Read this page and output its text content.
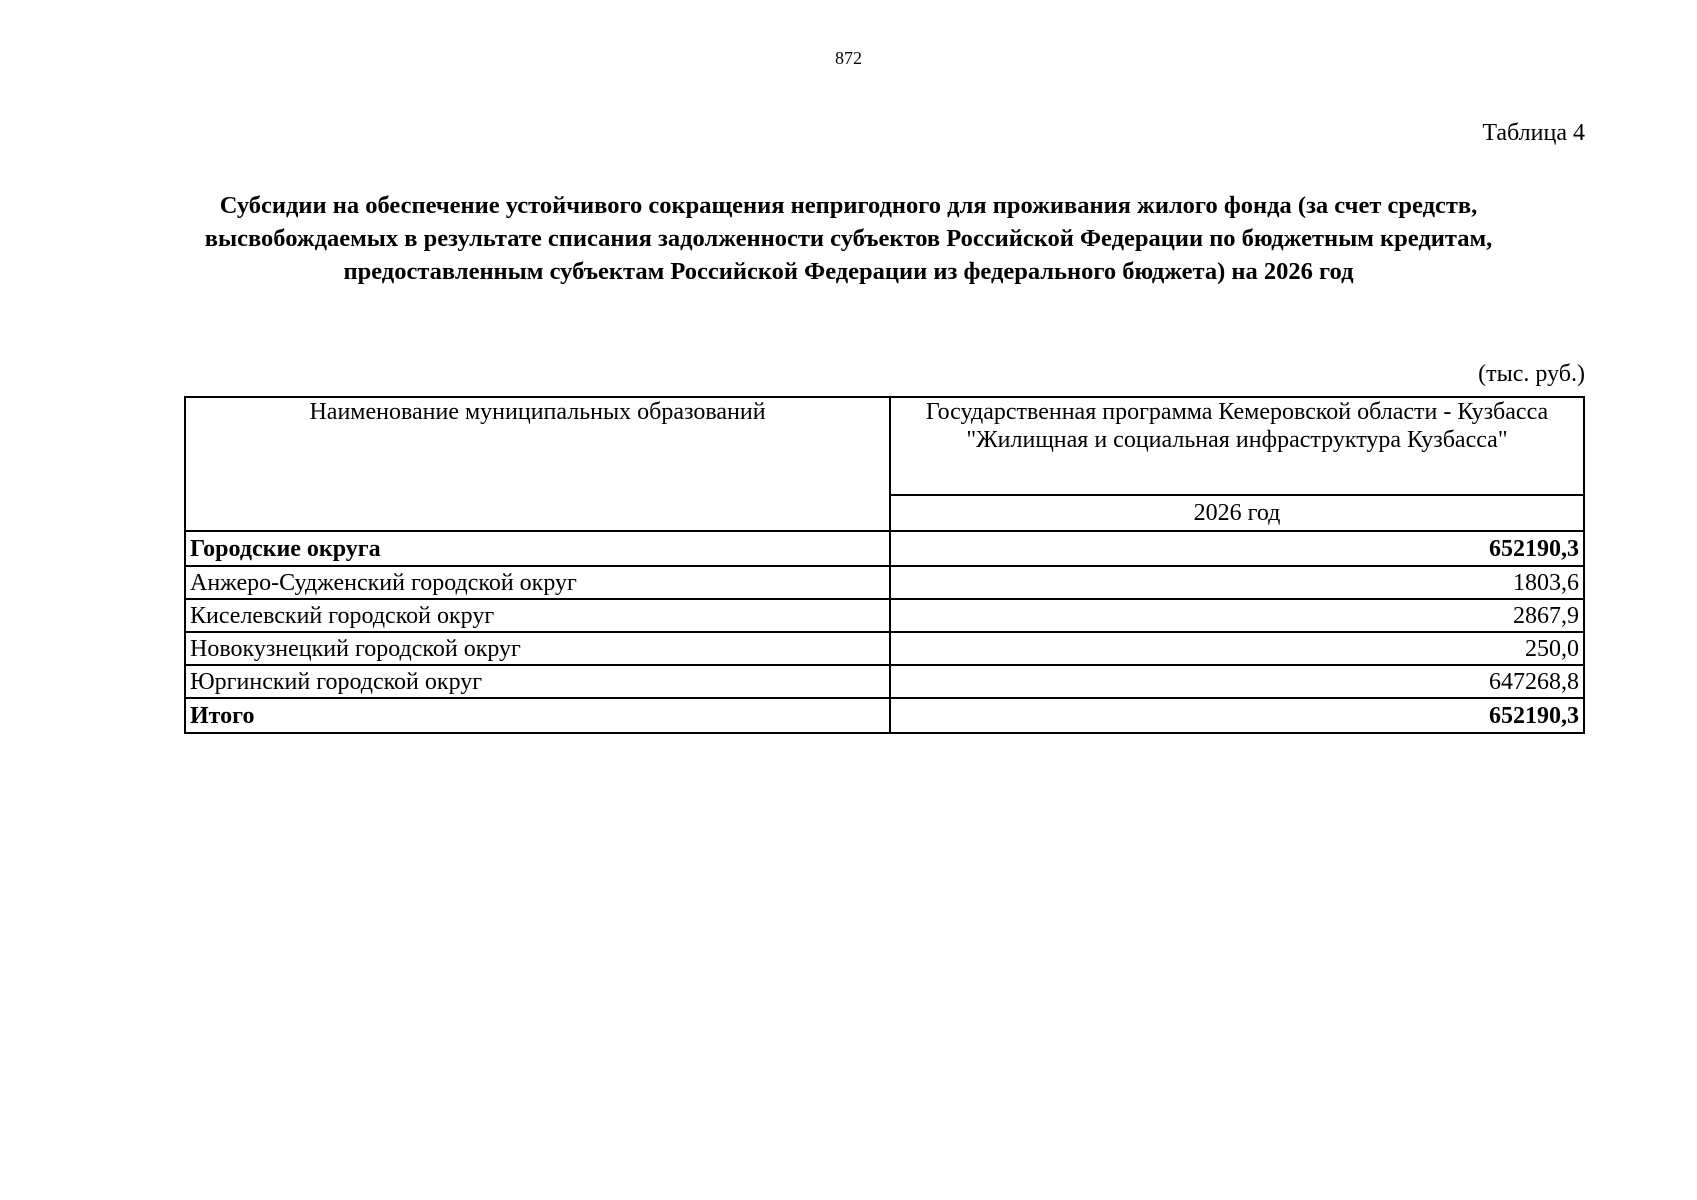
872
Таблица 4
Субсидии на обеспечение устойчивого сокращения непригодного для проживания жилого фонда (за счет средств,
высвобождаемых в результате списания задолженности субъектов Российской Федерации по бюджетным кредитам,
предоставленным субъектам Российской Федерации из федерального бюджета) на 2026 год
(тыс. руб.)
Наименование муниципальных образований	Государственная программа Кемеровской области - Кузбасса
"Жилищная и социальная инфраструктура Кузбасса"

	2026 год
Городские округа	652190,3
Анжеро-Судженский городской округ	1803,6
Киселевский городской округ	2867,9
Новокузнецкий городской округ	250,0
Юргинский городской округ	647268,8
Итого	652190,3
